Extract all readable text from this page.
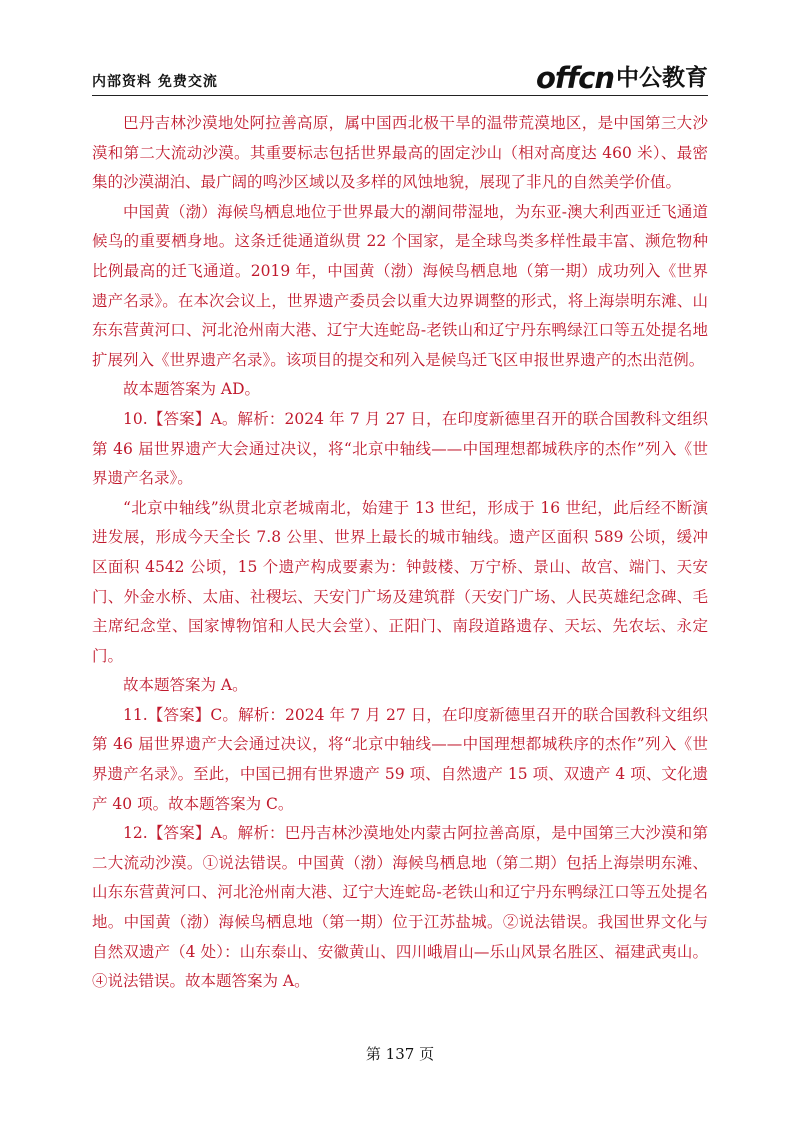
内部资料 免费交流	offcn 中公教育

巴丹吉林沙漠地处阿拉善高原，属中国西北极干旱的温带荒漠地区，是中国第三大沙漠和第二大流动沙漠。其重要标志包括世界最高的固定沙山（相对高度达 460 米）、最密集的沙漠湖泊、最广阔的鸣沙区域以及多样的风蚀地貌，展现了非凡的自然美学价值。

中国黄（渤）海候鸟栖息地位于世界最大的潮间带湿地，为东亚-澳大利西亚迁飞通道候鸟的重要栖身地。这条迁徙通道纵贯 22 个国家，是全球鸟类多样性最丰富、濒危物种比例最高的迁飞通道。2019 年，中国黄（渤）海候鸟栖息地（第一期）成功列入《世界遗产名录》。在本次会议上，世界遗产委员会以重大边界调整的形式，将上海崇明东滩、山东东营黄河口、河北沧州南大港、辽宁大连蛇岛-老铁山和辽宁丹东鸭绿江口等五处提名地扩展列入《世界遗产名录》。该项目的提交和列入是候鸟迁飞区申报世界遗产的杰出范例。

故本题答案为 AD。

10.【答案】A。解析：2024 年 7 月 27 日，在印度新德里召开的联合国教科文组织第 46 届世界遗产大会通过决议，将“北京中轴线——中国理想都城秩序的杰作”列入《世界遗产名录》。

“北京中轴线”纵贯北京老城南北，始建于 13 世纪，形成于 16 世纪，此后经不断演进发展，形成今天全长 7.8 公里、世界上最长的城市轴线。遗产区面积 589 公顷，缓冲区面积 4542 公顷，15 个遗产构成要素为：钟鼓楼、万宁桥、景山、故宫、端门、天安门、外金水桥、太庙、社稷坛、天安门广场及建筑群（天安门广场、人民英雄纪念碑、毛主席纪念堂、国家博物馆和人民大会堂）、正阳门、南段道路遗存、天坛、先农坛、永定门。

故本题答案为 A。

11.【答案】C。解析：2024 年 7 月 27 日，在印度新德里召开的联合国教科文组织第 46 届世界遗产大会通过决议，将“北京中轴线——中国理想都城秩序的杰作”列入《世界遗产名录》。至此，中国已拥有世界遗产 59 项、自然遗产 15 项、双遗产 4 项、文化遗产 40 项。故本题答案为 C。

12.【答案】A。解析：巴丹吉林沙漠地处内蒙古阿拉善高原，是中国第三大沙漠和第二大流动沙漠。①说法错误。中国黄（渤）海候鸟栖息地（第二期）包括上海崇明东滩、山东东营黄河口、河北沧州南大港、辽宁大连蛇岛-老铁山和辽宁丹东鸭绿江口等五处提名地。中国黄（渤）海候鸟栖息地（第一期）位于江苏盐城。②说法错误。我国世界文化与自然双遗产（4 处）：山东泰山、安徽黄山、四川峨眉山—乐山风景名胜区、福建武夷山。④说法错误。故本题答案为 A。

第 137 页
